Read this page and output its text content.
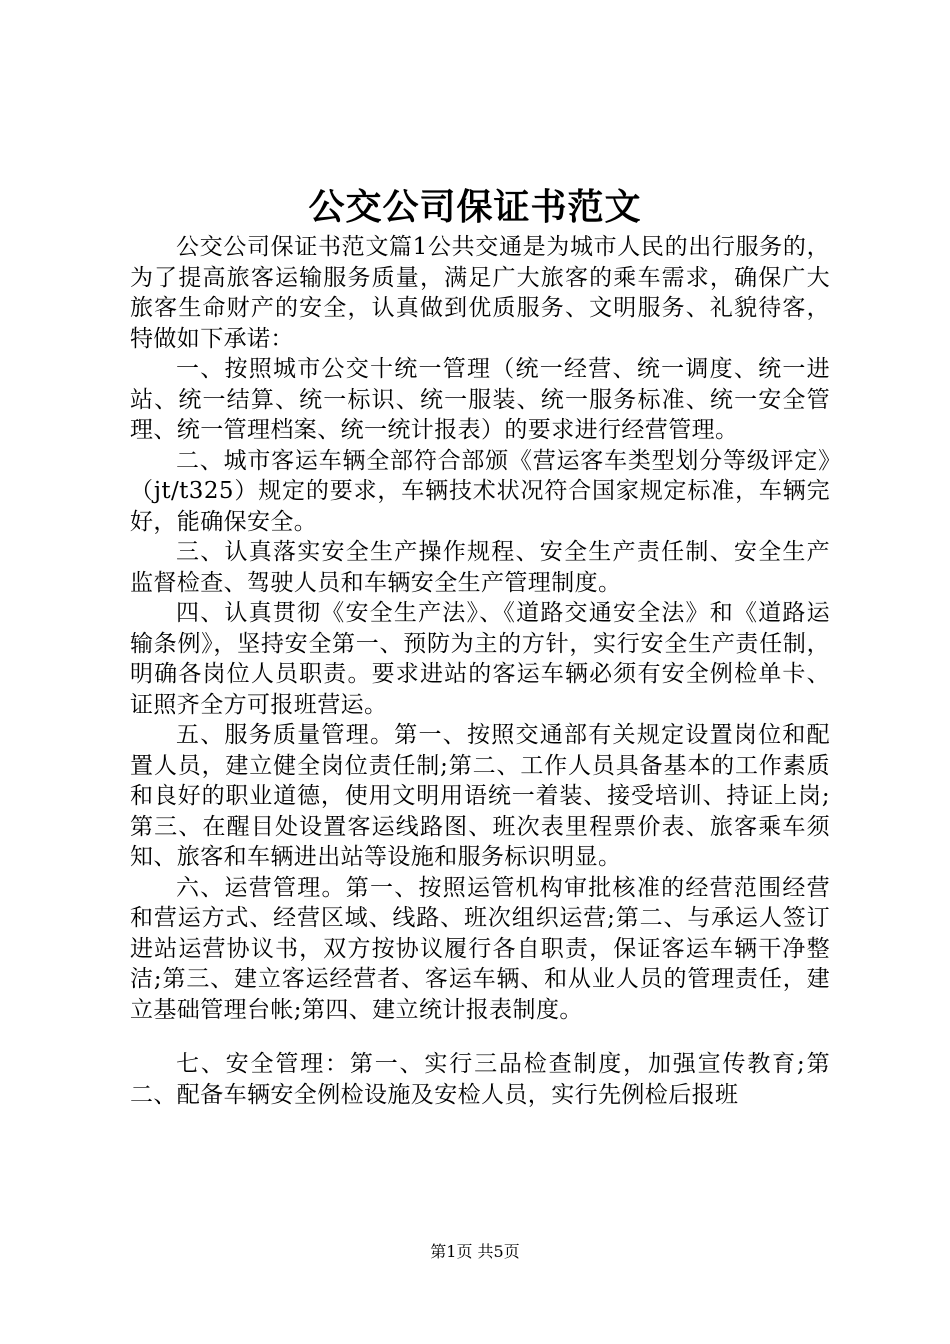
公交公司保证书范文

公交公司保证书范文篇1公共交通是为城市人民的出行服务的，为了提高旅客运输服务质量，满足广大旅客的乘车需求，确保广大旅客生命财产的安全，认真做到优质服务、文明服务、礼貌待客，特做如下承诺：

一、按照城市公交十统一管理（统一经营、统一调度、统一进站、统一结算、统一标识、统一服装、统一服务标准、统一安全管理、统一管理档案、统一统计报表）的要求进行经营管理。

二、城市客运车辆全部符合部颁《营运客车类型划分等级评定》（jt/t325）规定的要求，车辆技术状况符合国家规定标准，车辆完好，能确保安全。

三、认真落实安全生产操作规程、安全生产责任制、安全生产监督检查、驾驶人员和车辆安全生产管理制度。

四、认真贯彻《安全生产法》、《道路交通安全法》和《道路运输条例》，坚持安全第一、预防为主的方针，实行安全生产责任制，明确各岗位人员职责。要求进站的客运车辆必须有安全例检单卡、证照齐全方可报班营运。

五、服务质量管理。第一、按照交通部有关规定设置岗位和配置人员，建立健全岗位责任制;第二、工作人员具备基本的工作素质和良好的职业道德，使用文明用语统一着装、接受培训、持证上岗;第三、在醒目处设置客运线路图、班次表里程票价表、旅客乘车须知、旅客和车辆进出站等设施和服务标识明显。

六、运营管理。第一、按照运管机构审批核准的经营范围经营和营运方式、经营区域、线路、班次组织运营;第二、与承运人签订进站运营协议书，双方按协议履行各自职责，保证客运车辆干净整洁;第三、建立客运经营者、客运车辆、和从业人员的管理责任，建立基础管理台帐;第四、建立统计报表制度。

七、安全管理：第一、实行三品检查制度，加强宣传教育;第二、配备车辆安全例检设施及安检人员，实行先例检后报班

第1页 共5页
